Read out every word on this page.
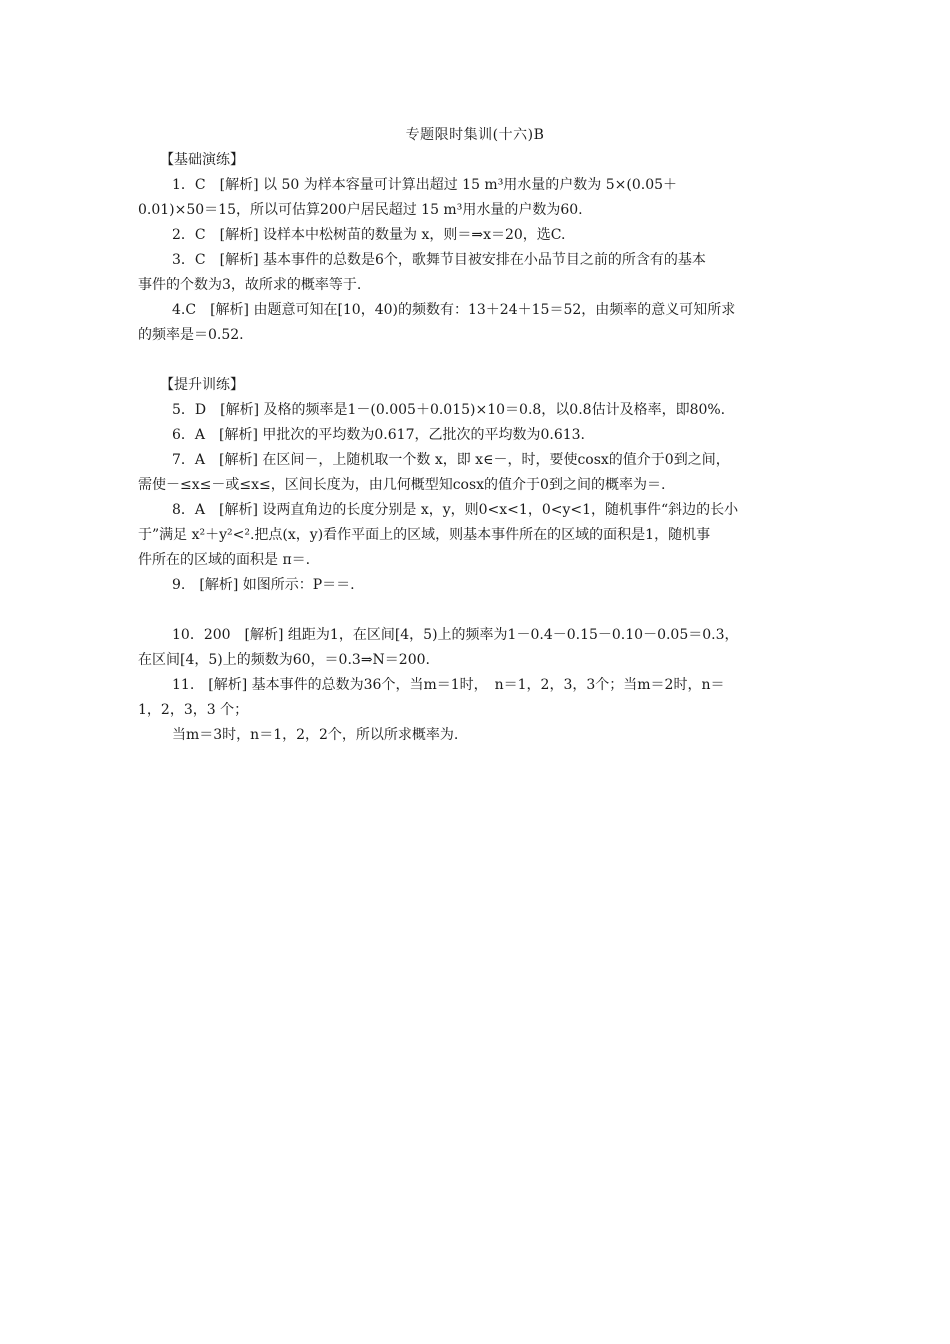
专题限时集训(十六)B
【基础演练】
1．C　[解析] 以 50 为样本容量可计算出超过 15 m³用水量的户数为 5×(0.05＋
0.01)×50＝15，所以可估算200户居民超过 15 m³用水量的户数为60.
2．C　[解析] 设样本中松树苗的数量为 x，则＝⇒x＝20，选C.
3．C　[解析] 基本事件的总数是6个，歌舞节目被安排在小品节目之前的所含有的基本
事件的个数为3，故所求的概率等于.
4.C　[解析] 由题意可知在[10，40)的频数有：13＋24＋15＝52，由频率的意义可知所求
的频率是＝0.52.
【提升训练】
5．D　[解析] 及格的频率是1－(0.005＋0.015)×10＝0.8，以0.8估计及格率，即80%.
6．A　[解析] 甲批次的平均数为0.617，乙批次的平均数为0.613.
7．A　[解析] 在区间－，上随机取一个数 x，即 x∈－，时，要使cosx的值介于0到之间，
需使－≤x≤－或≤x≤，区间长度为，由几何概型知cosx的值介于0到之间的概率为＝.
8．A　[解析] 设两直角边的长度分别是 x，y，则0<x<1，0<y<1，随机事件“斜边的长小
于”满足 x²＋y²<².把点(x，y)看作平面上的区域，则基本事件所在的区域的面积是1，随机事
件所在的区域的面积是 π＝.
9.　[解析] 如图所示：P＝＝.
10．200　[解析] 组距为1，在区间[4，5)上的频率为1－0.4－0.15－0.10－0.05＝0.3，
在区间[4，5)上的频数为60，＝0.3⇒N＝200.
11.　[解析] 基本事件的总数为36个，当m＝1时，　n＝1，2，3，3个；当m＝2时，n＝
1，2，3，3 个；
当m＝3时，n＝1，2，2个，所以所求概率为.
